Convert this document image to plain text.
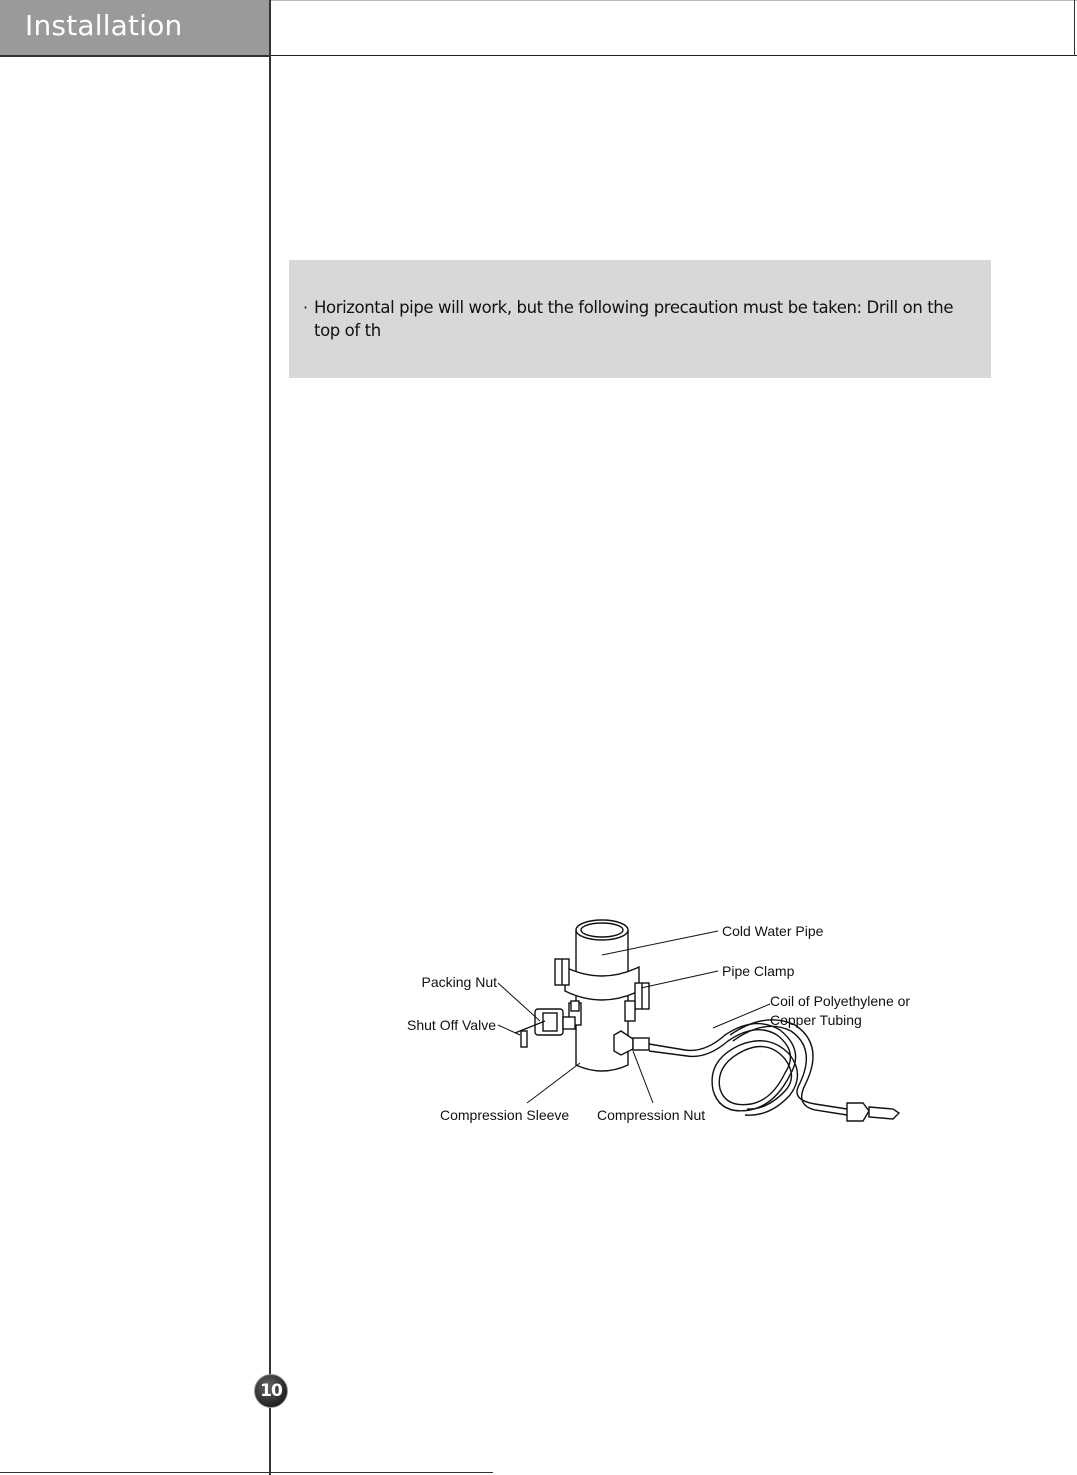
Installation
· Horizontal pipe will work, but the following precaution must be taken: Drill on the top of th
Cold Water Pipe
Pipe Clamp
Coil of Polyethylene or
Copper Tubing
Packing Nut
Shut Off Valve
Compression Sleeve Compression Nut
10
